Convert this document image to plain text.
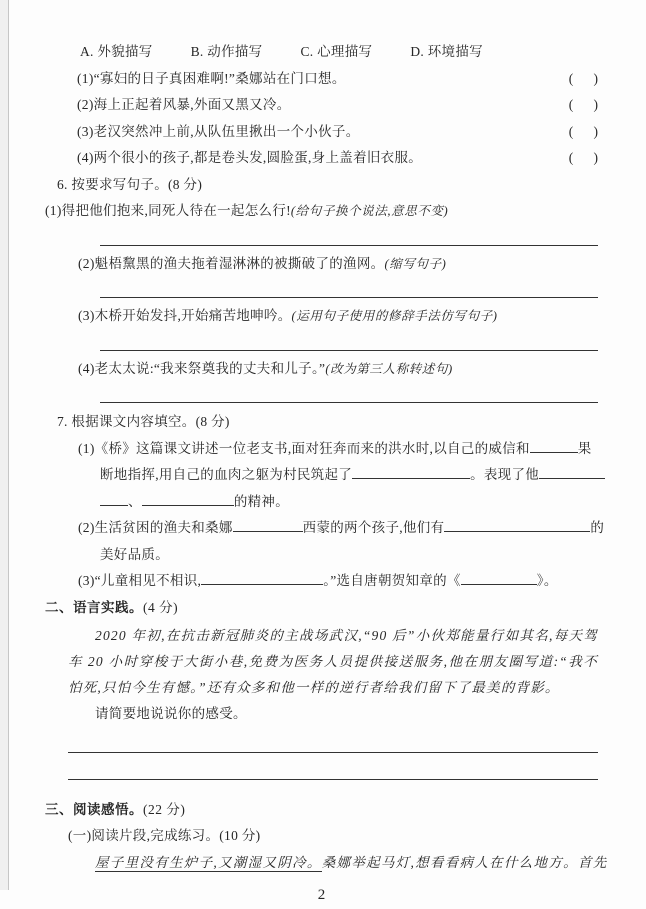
A. 外貌描写	B. 动作描写	C. 心理描写	D. 环境描写
(1)“寡妇的日子真困难啊!”桑娜站在门口想。	(      )
(2)海上正起着风暴,外面又黑又冷。	(      )
(3)老汉突然冲上前,从队伍里揪出一个小伙子。	(      )
(4)两个很小的孩子,都是卷头发,圆脸蛋,身上盖着旧衣服。	(      )
6. 按要求写句子。(8 分)

(1)得把他们抱来,同死人待在一起怎么行!(给句子换个说法,意思不变)

(2)魁梧黧黑的渔夫拖着湿淋淋的被撕破了的渔网。(缩写句子)

(3)木桥开始发抖,开始痛苦地呻吟。(运用句子使用的修辞手法仿写句子)

(4)老太太说:“我来祭奠我的丈夫和儿子。”(改为第三人称转述句)

7. 根据课文内容填空。(8 分)
(1)《桥》这篇课文讲述一位老支书,面对狂奔而来的洪水时,以自己的威信和	果
断地指挥,用自己的血肉之躯为村民筑起了	。表现了他
、	的精神。
(2)生活贫困的渔夫和桑娜	西蒙的两个孩子,他们有	的
美好品质。
(3)“儿童相见不相识,	。”选自唐朝贺知章的《	》。
二、语言实践。(4 分)

2020 年初,在抗击新冠肺炎的主战场武汉,“90 后”小伙郑能量行如其名,每天驾车 20 小时穿梭于大街小巷,免费为医务人员提供接送服务,他在朋友圈写道:“我不怕死,只怕今生有憾。”还有众多和他一样的逆行者给我们留下了最美的背影。

请简要地说说你的感受。

三、阅读感悟。(22 分)
(一)阅读片段,完成练习。(10 分)
屋子里没有生炉子,又潮湿又阴冷。桑娜举起马灯,想看看病人在什么地方。首先
2
